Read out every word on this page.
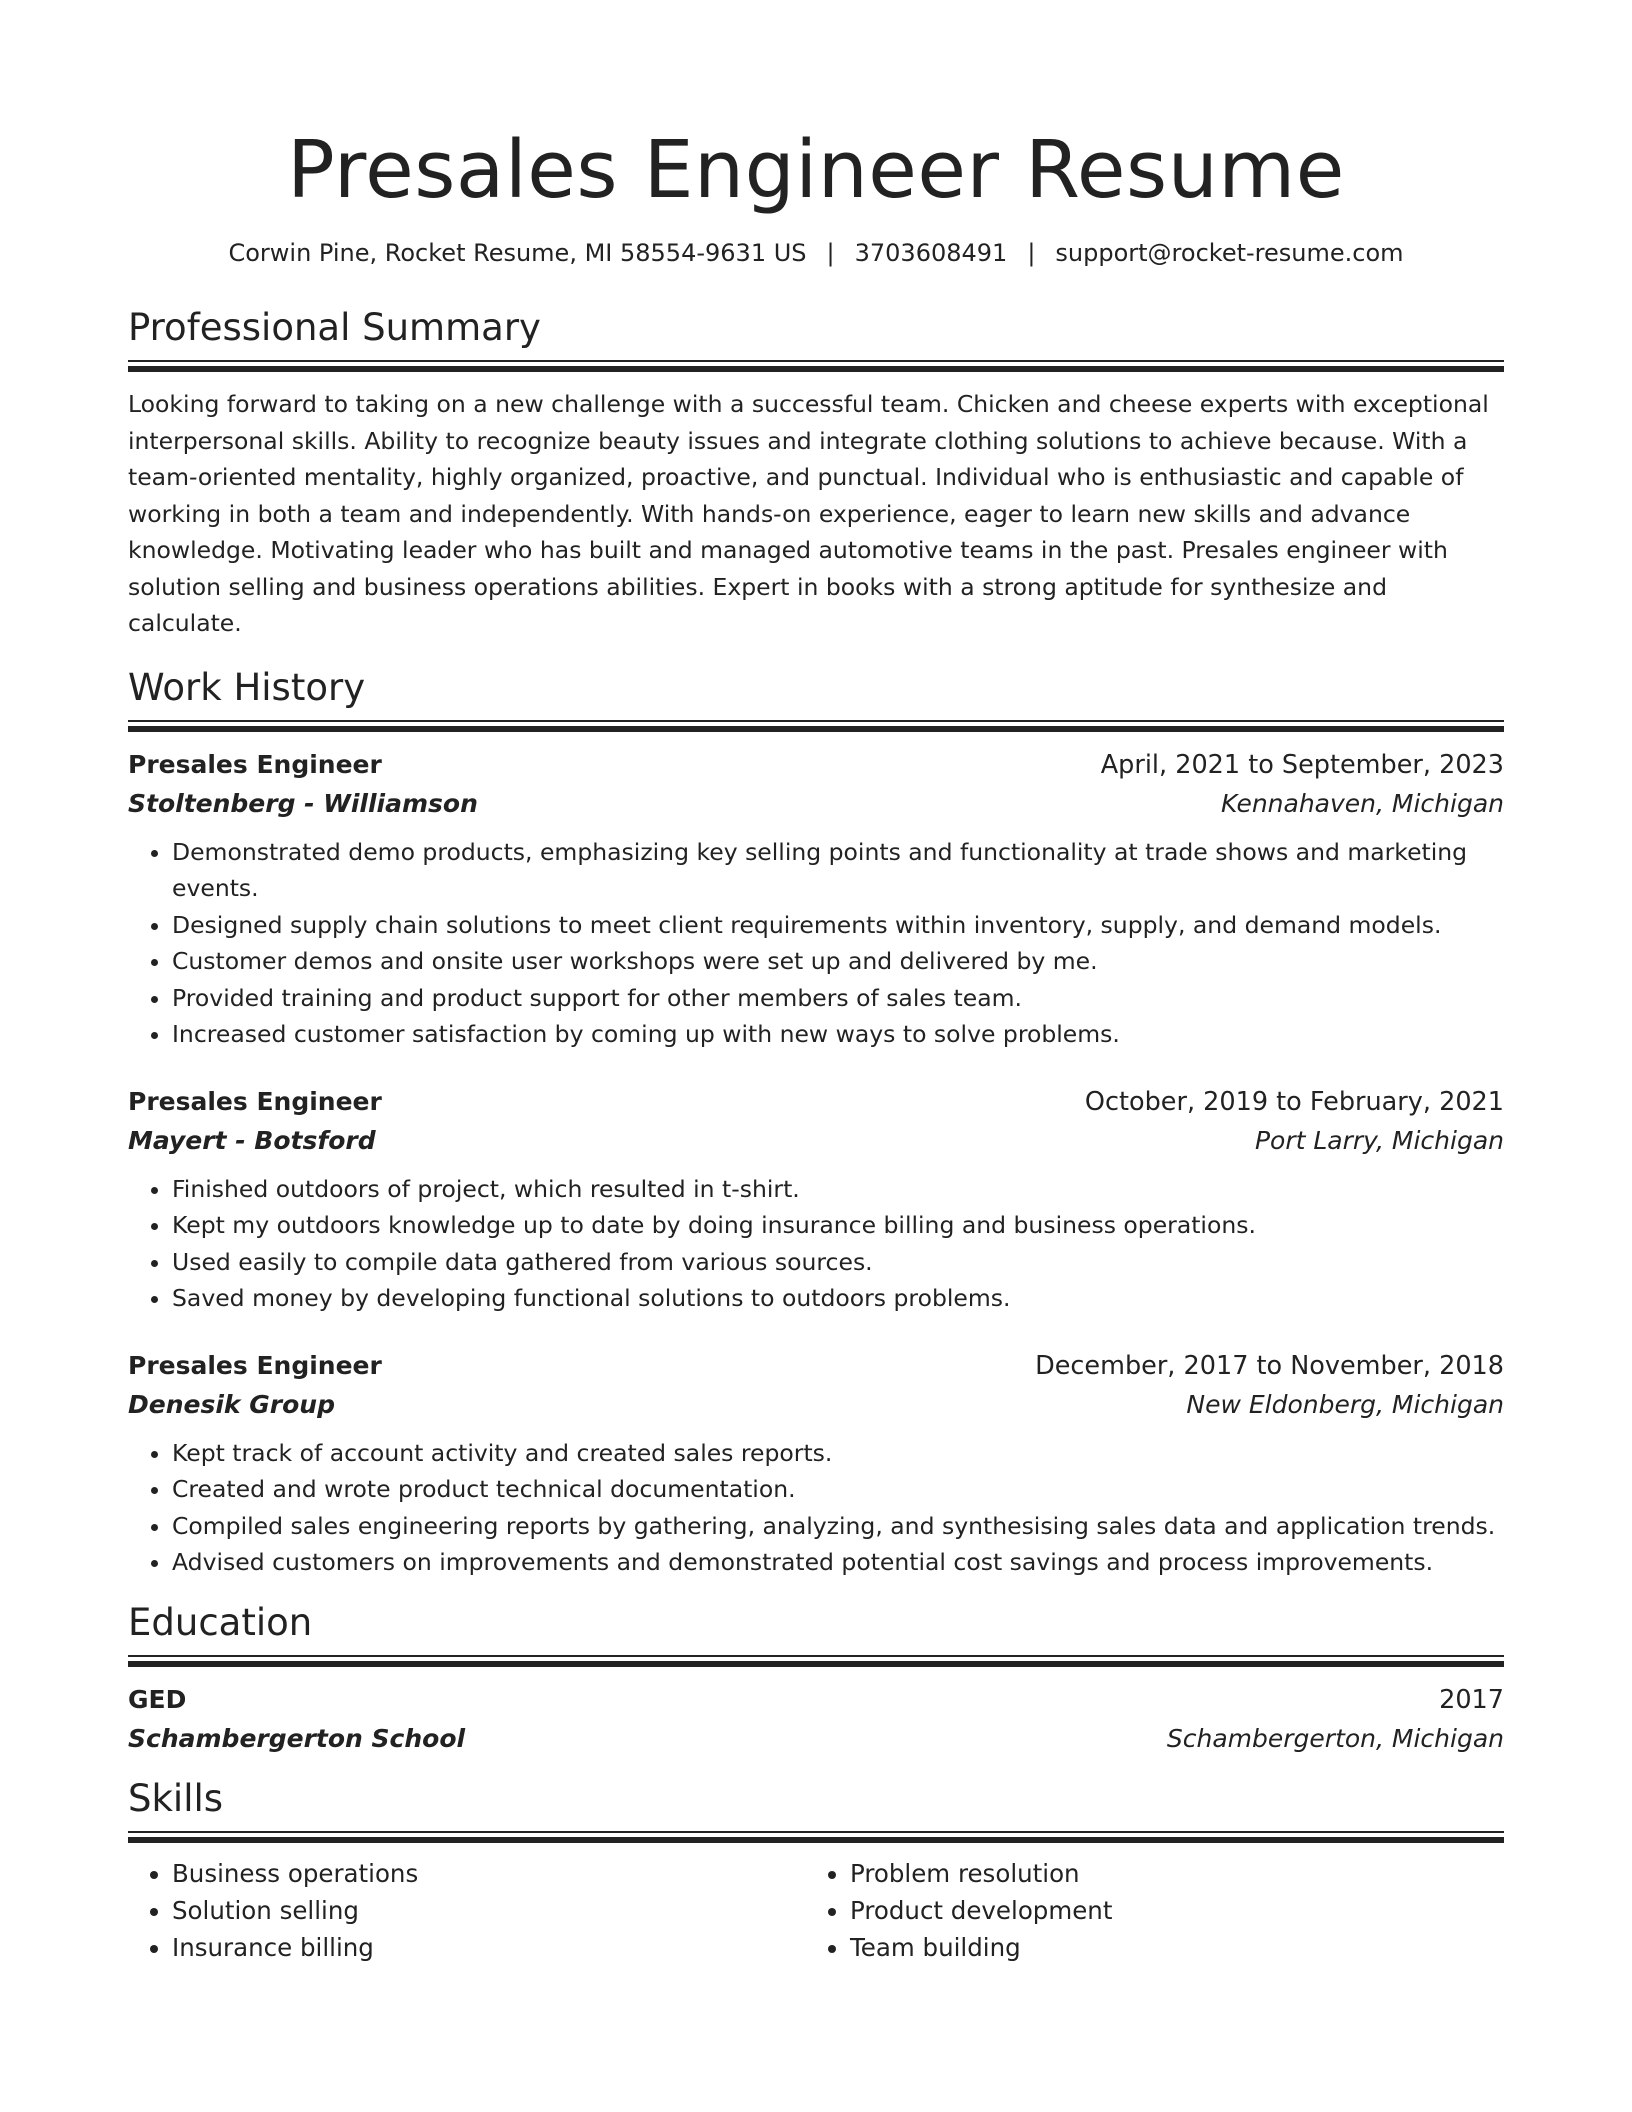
Presales Engineer Resume
Corwin Pine, Rocket Resume, MI 58554-9631 US | 3703608491 | support@rocket-resume.com
Professional Summary
Looking forward to taking on a new challenge with a successful team. Chicken and cheese experts with exceptional interpersonal skills. Ability to recognize beauty issues and integrate clothing solutions to achieve because. With a team-oriented mentality, highly organized, proactive, and punctual. Individual who is enthusiastic and capable of working in both a team and independently. With hands-on experience, eager to learn new skills and advance knowledge. Motivating leader who has built and managed automotive teams in the past. Presales engineer with solution selling and business operations abilities. Expert in books with a strong aptitude for synthesize and calculate.
Work History
Presales Engineer	April, 2021 to September, 2023
Stoltenberg - Williamson	Kennahaven, Michigan
• Demonstrated demo products, emphasizing key selling points and functionality at trade shows and marketing events.
• Designed supply chain solutions to meet client requirements within inventory, supply, and demand models.
• Customer demos and onsite user workshops were set up and delivered by me.
• Provided training and product support for other members of sales team.
• Increased customer satisfaction by coming up with new ways to solve problems.
Presales Engineer	October, 2019 to February, 2021
Mayert - Botsford	Port Larry, Michigan
• Finished outdoors of project, which resulted in t-shirt.
• Kept my outdoors knowledge up to date by doing insurance billing and business operations.
• Used easily to compile data gathered from various sources.
• Saved money by developing functional solutions to outdoors problems.
Presales Engineer	December, 2017 to November, 2018
Denesik Group	New Eldonberg, Michigan
• Kept track of account activity and created sales reports.
• Created and wrote product technical documentation.
• Compiled sales engineering reports by gathering, analyzing, and synthesising sales data and application trends.
• Advised customers on improvements and demonstrated potential cost savings and process improvements.
Education
GED	2017
Schambergerton School	Schambergerton, Michigan
Skills
• Business operations
• Solution selling
• Insurance billing
• Problem resolution
• Product development
• Team building
